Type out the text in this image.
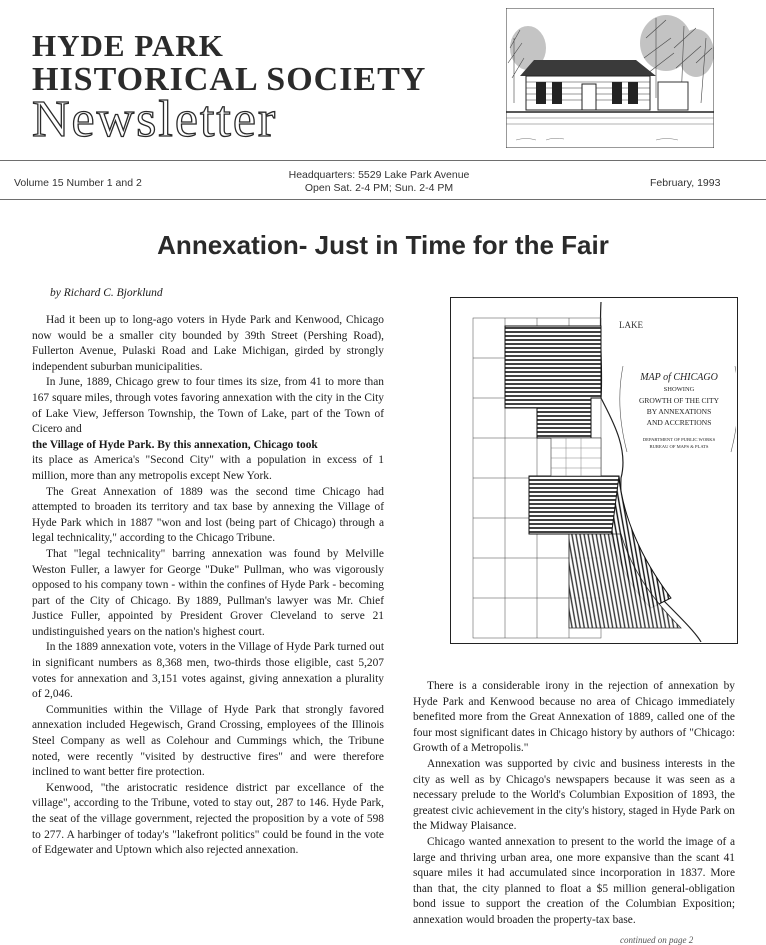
HYDE PARK
HISTORICAL SOCIETY
Newsletter
Volume 15 Number 1 and 2
Headquarters: 5529 Lake Park Avenue
Open Sat. 2-4 PM; Sun. 2-4 PM	February, 1993
Annexation- Just in Time for the Fair
by Richard C. Bjorklund

Had it been up to long-ago voters in Hyde Park and Kenwood, Chicago now would be a smaller city bounded by 39th Street (Pershing Road), Fullerton Avenue, Pulaski Road and Lake Michigan, girded by strongly independent suburban municipalities.

In June, 1889, Chicago grew to four times its size, from 41 to more than 167 square miles, through votes favoring annexation with the city in the City of Lake View, Jefferson Township, the Town of Lake, part of the Town of Cicero and

the Village of Hyde Park. By this annexation, Chicago took

its place as America's "Second City" with a population in excess of 1 million, more than any metropolis except New York.

The Great Annexation of 1889 was the second time Chicago had attempted to broaden its territory and tax base by annexing the Village of Hyde Park which in 1887 "won and lost (being part of Chicago) through a legal technicality," according to the Chicago Tribune.

That "legal technicality" barring annexation was found by Melville Weston Fuller, a lawyer for George "Duke" Pullman, who was vigorously opposed to his company town - within the confines of Hyde Park - becoming part of the City of Chicago. By 1889, Pullman's lawyer was Mr. Chief Justice Fuller, appointed by President Grover Cleveland to serve 21 undistinguished years on the nation's highest court.

In the 1889 annexation vote, voters in the Village of Hyde Park turned out in significant numbers as 8,368 men, two-thirds those eligible, cast 5,207 votes for annexation and 3,151 votes against, giving annexation a plurality of 2,046.

Communities within the Village of Hyde Park that strongly favored annexation included Hegewisch, Grand Crossing, employees of the Illinois Steel Company as well as Colehour and Cummings which, the Tribune noted, were recently "visited by destructive fires" and were therefore inclined to want better fire protection.

Kenwood, "the aristocratic residence district par excellance of the village", according to the Tribune, voted to stay out, 287 to 146. Hyde Park, the seat of the village government, rejected the proposition by a vote of 598 to 277. A harbinger of today's "lakefront politics" could be found in the vote of Edgewater and Uptown which also rejected annexation.

LAKE
MAP of CHICAGO
SHOWING
GROWTH OF THE CITY
BY ANNEXATIONS
AND ACCRETIONS
DEPARTMENT OF PUBLIC WORKS
BUREAU OF MAPS & PLATS

There is a considerable irony in the rejection of annexation by Hyde Park and Kenwood because no area of Chicago immediately benefited more from the Great Annexation of 1889, called one of the four most significant dates in Chicago history by authors of "Chicago: Growth of a Metropolis."

Annexation was supported by civic and business interests in the city as well as by Chicago's newspapers because it was seen as a necessary prelude to the World's Columbian Exposition of 1893, the greatest civic achievement in the city's history, staged in Hyde Park on the Midway Plaisance.

Chicago wanted annexation to present to the world the image of a large and thriving urban area, one more expansive than the scant 41 square miles it had accumulated since incorporation in 1837. More than that, the city planned to float a $5 million general-obligation bond issue to support the creation of the Columbian Exposition; annexation would broaden the property-tax base.

continued on page 2
